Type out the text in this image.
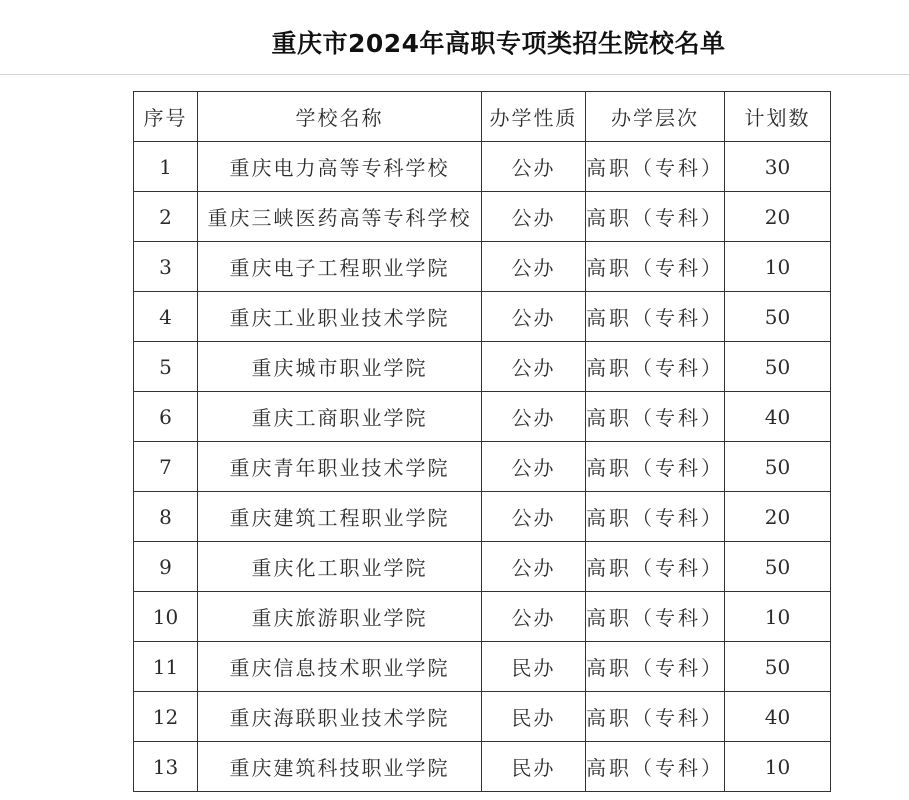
重庆市2024年高职专项类招生院校名单
序号	学校名称	办学性质	办学层次	计划数
1	重庆电力高等专科学校	公办	高职（专科）	30
2	重庆三峡医药高等专科学校	公办	高职（专科）	20
3	重庆电子工程职业学院	公办	高职（专科）	10
4	重庆工业职业技术学院	公办	高职（专科）	50
5	重庆城市职业学院	公办	高职（专科）	50
6	重庆工商职业学院	公办	高职（专科）	40
7	重庆青年职业技术学院	公办	高职（专科）	50
8	重庆建筑工程职业学院	公办	高职（专科）	20
9	重庆化工职业学院	公办	高职（专科）	50
10	重庆旅游职业学院	公办	高职（专科）	10
11	重庆信息技术职业学院	民办	高职（专科）	50
12	重庆海联职业技术学院	民办	高职（专科）	40
13	重庆建筑科技职业学院	民办	高职（专科）	10
